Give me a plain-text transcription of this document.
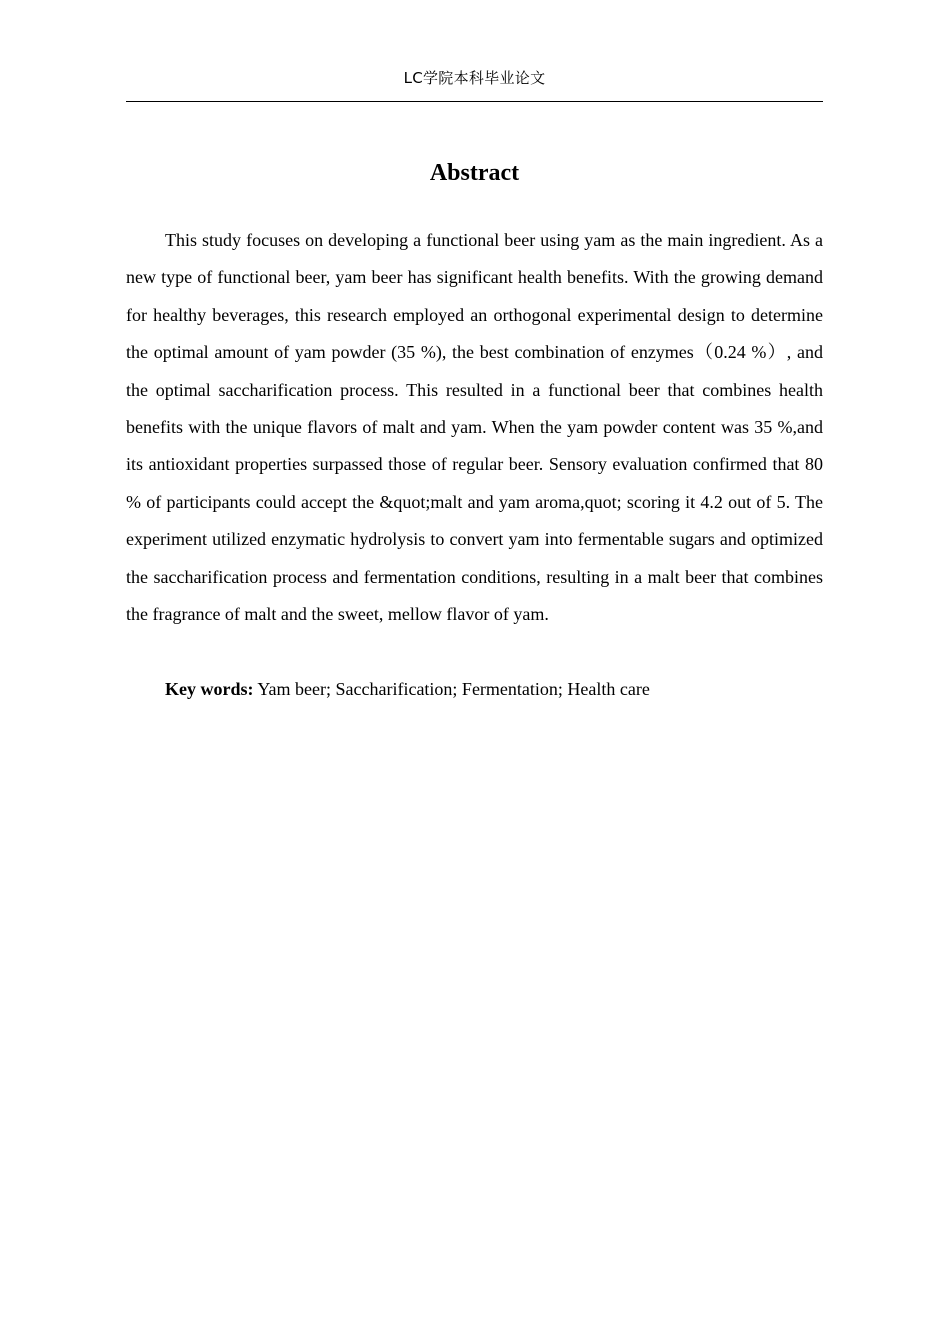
LC学院本科毕业论文
Abstract

This study focuses on developing a functional beer using yam as the main ingredient. As a new type of functional beer, yam beer has significant health benefits. With the growing demand for healthy beverages, this research employed an orthogonal experimental design to determine the optimal amount of yam powder (35 %), the best combination of enzymes（0.24 %）, and the optimal saccharification process. This resulted in a functional beer that combines health benefits with the unique flavors of malt and yam. When the yam powder content was 35 %,and its antioxidant properties surpassed those of regular beer. Sensory evaluation confirmed that 80 % of participants could accept the &quot;malt and yam aroma,quot; scoring it 4.2 out of 5. The experiment utilized enzymatic hydrolysis to convert yam into fermentable sugars and optimized the saccharification process and fermentation conditions, resulting in a malt beer that combines the fragrance of malt and the sweet, mellow flavor of yam.

Key words: Yam beer; Saccharification; Fermentation; Health care
